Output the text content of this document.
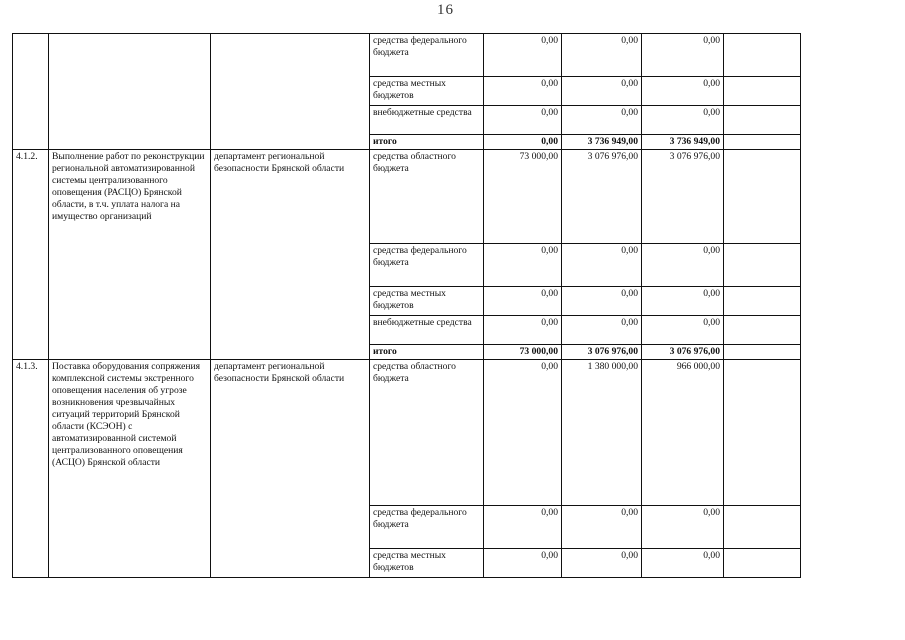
16
			средства федерального бюджета	0,00	0,00	0,00	
			средства местных бюджетов	0,00	0,00	0,00	
			внебюджетные средства	0,00	0,00	0,00	
			итого	0,00	3 736 949,00	3 736 949,00	
4.1.2.	Выполнение работ по реконструкции региональной автоматизированной системы централизованного оповещения (РАСЦО) Брянской области, в т.ч. уплата налога на имущество организаций	департамент региональной безопасности Брянской области	средства областного бюджета	73 000,00	3 076 976,00	3 076 976,00	
			средства федерального бюджета	0,00	0,00	0,00	
			средства местных бюджетов	0,00	0,00	0,00	
			внебюджетные средства	0,00	0,00	0,00	
			итого	73 000,00	3 076 976,00	3 076 976,00	
4.1.3.	Поставка оборудования сопряжения комплексной системы экстренного оповещения населения об угрозе возникновения чрезвычайных ситуаций территорий Брянской области (КСЭОН) с автоматизированной системой централизованного оповещения (АСЦО) Брянской области	департамент региональной безопасности Брянской области	средства областного бюджета	0,00	1 380 000,00	966 000,00	
			средства федерального бюджета	0,00	0,00	0,00	
			средства местных бюджетов	0,00	0,00	0,00	
